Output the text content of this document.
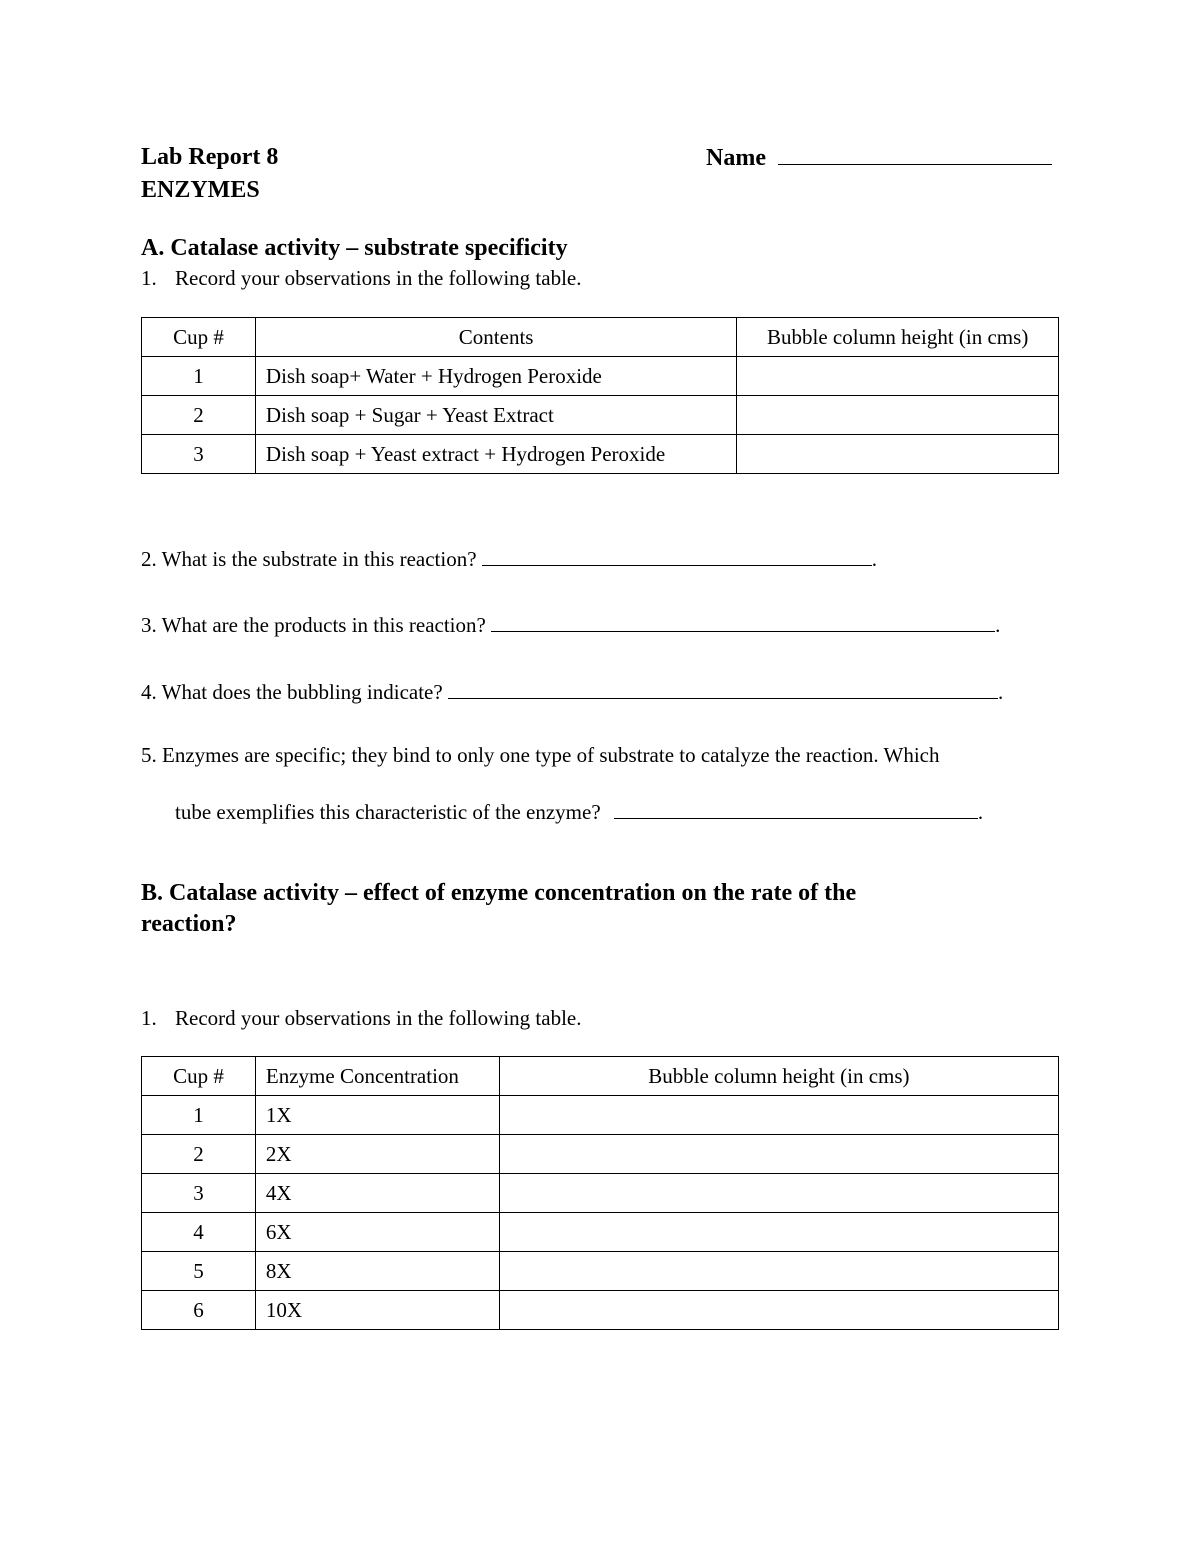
Lab Report 8
ENZYMES
Name
A. Catalase activity – substrate specificity
1. Record your observations in the following table.
Cup #	Contents	Bubble column height (in cms)
1	Dish soap+ Water + Hydrogen Peroxide	
2	Dish soap + Sugar + Yeast Extract	
3	Dish soap + Yeast extract + Hydrogen Peroxide	
2. What is the substrate in this reaction?	.
3. What are the products in this reaction?	.
4. What does the bubbling indicate?	.
5. Enzymes are specific; they bind to only one type of substrate to catalyze the reaction. Which
tube exemplifies this characteristic of the enzyme?	.
B. Catalase activity – effect of enzyme concentration on the rate of the
reaction?
1. Record your observations in the following table.
Cup #	Enzyme Concentration	Bubble column height (in cms)
1	1X	
2	2X	
3	4X	
4	6X	
5	8X	
6	10X	
